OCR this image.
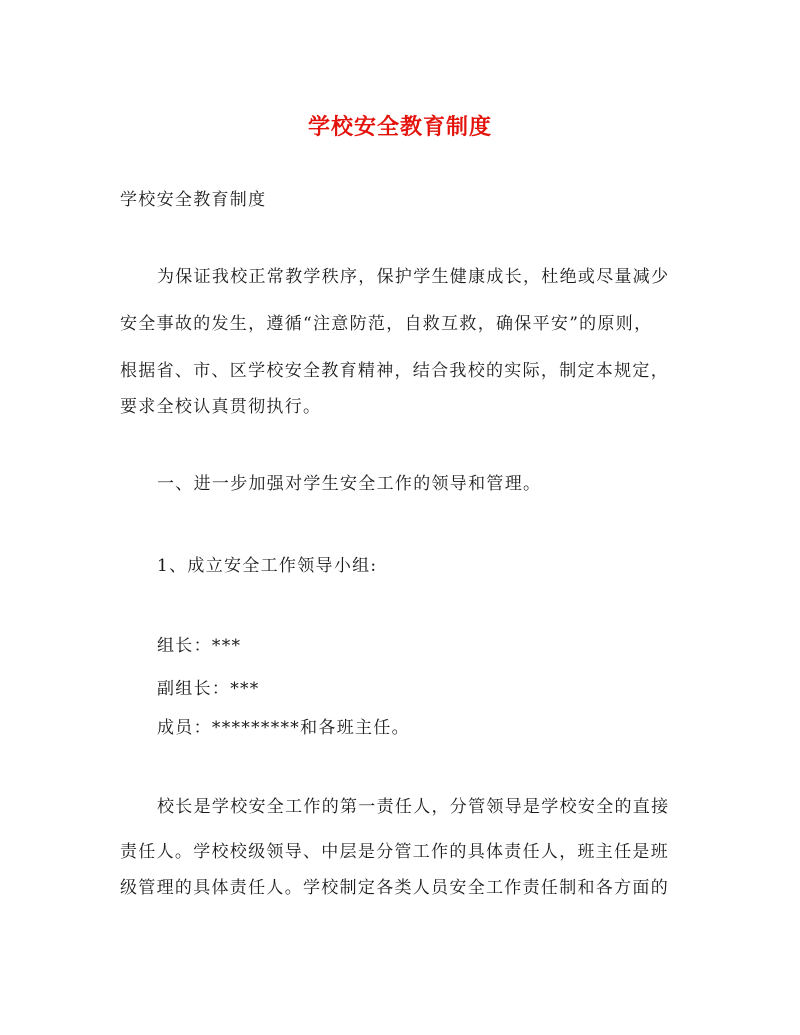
学校安全教育制度
学校安全教育制度
为保证我校正常教学秩序，保护学生健康成长，杜绝或尽量减少
安全事故的发生，遵循“注意防范，自救互救，确保平安”的原则，
根据省、市、区学校安全教育精神，结合我校的实际，制定本规定，
要求全校认真贯彻执行。
一、进一步加强对学生安全工作的领导和管理。
1、成立安全工作领导小组:
组长：***
副组长：***
成员：*********和各班主任。
校长是学校安全工作的第一责任人，分管领导是学校安全的直接
责任人。学校校级领导、中层是分管工作的具体责任人，班主任是班
级管理的具体责任人。学校制定各类人员安全工作责任制和各方面的
